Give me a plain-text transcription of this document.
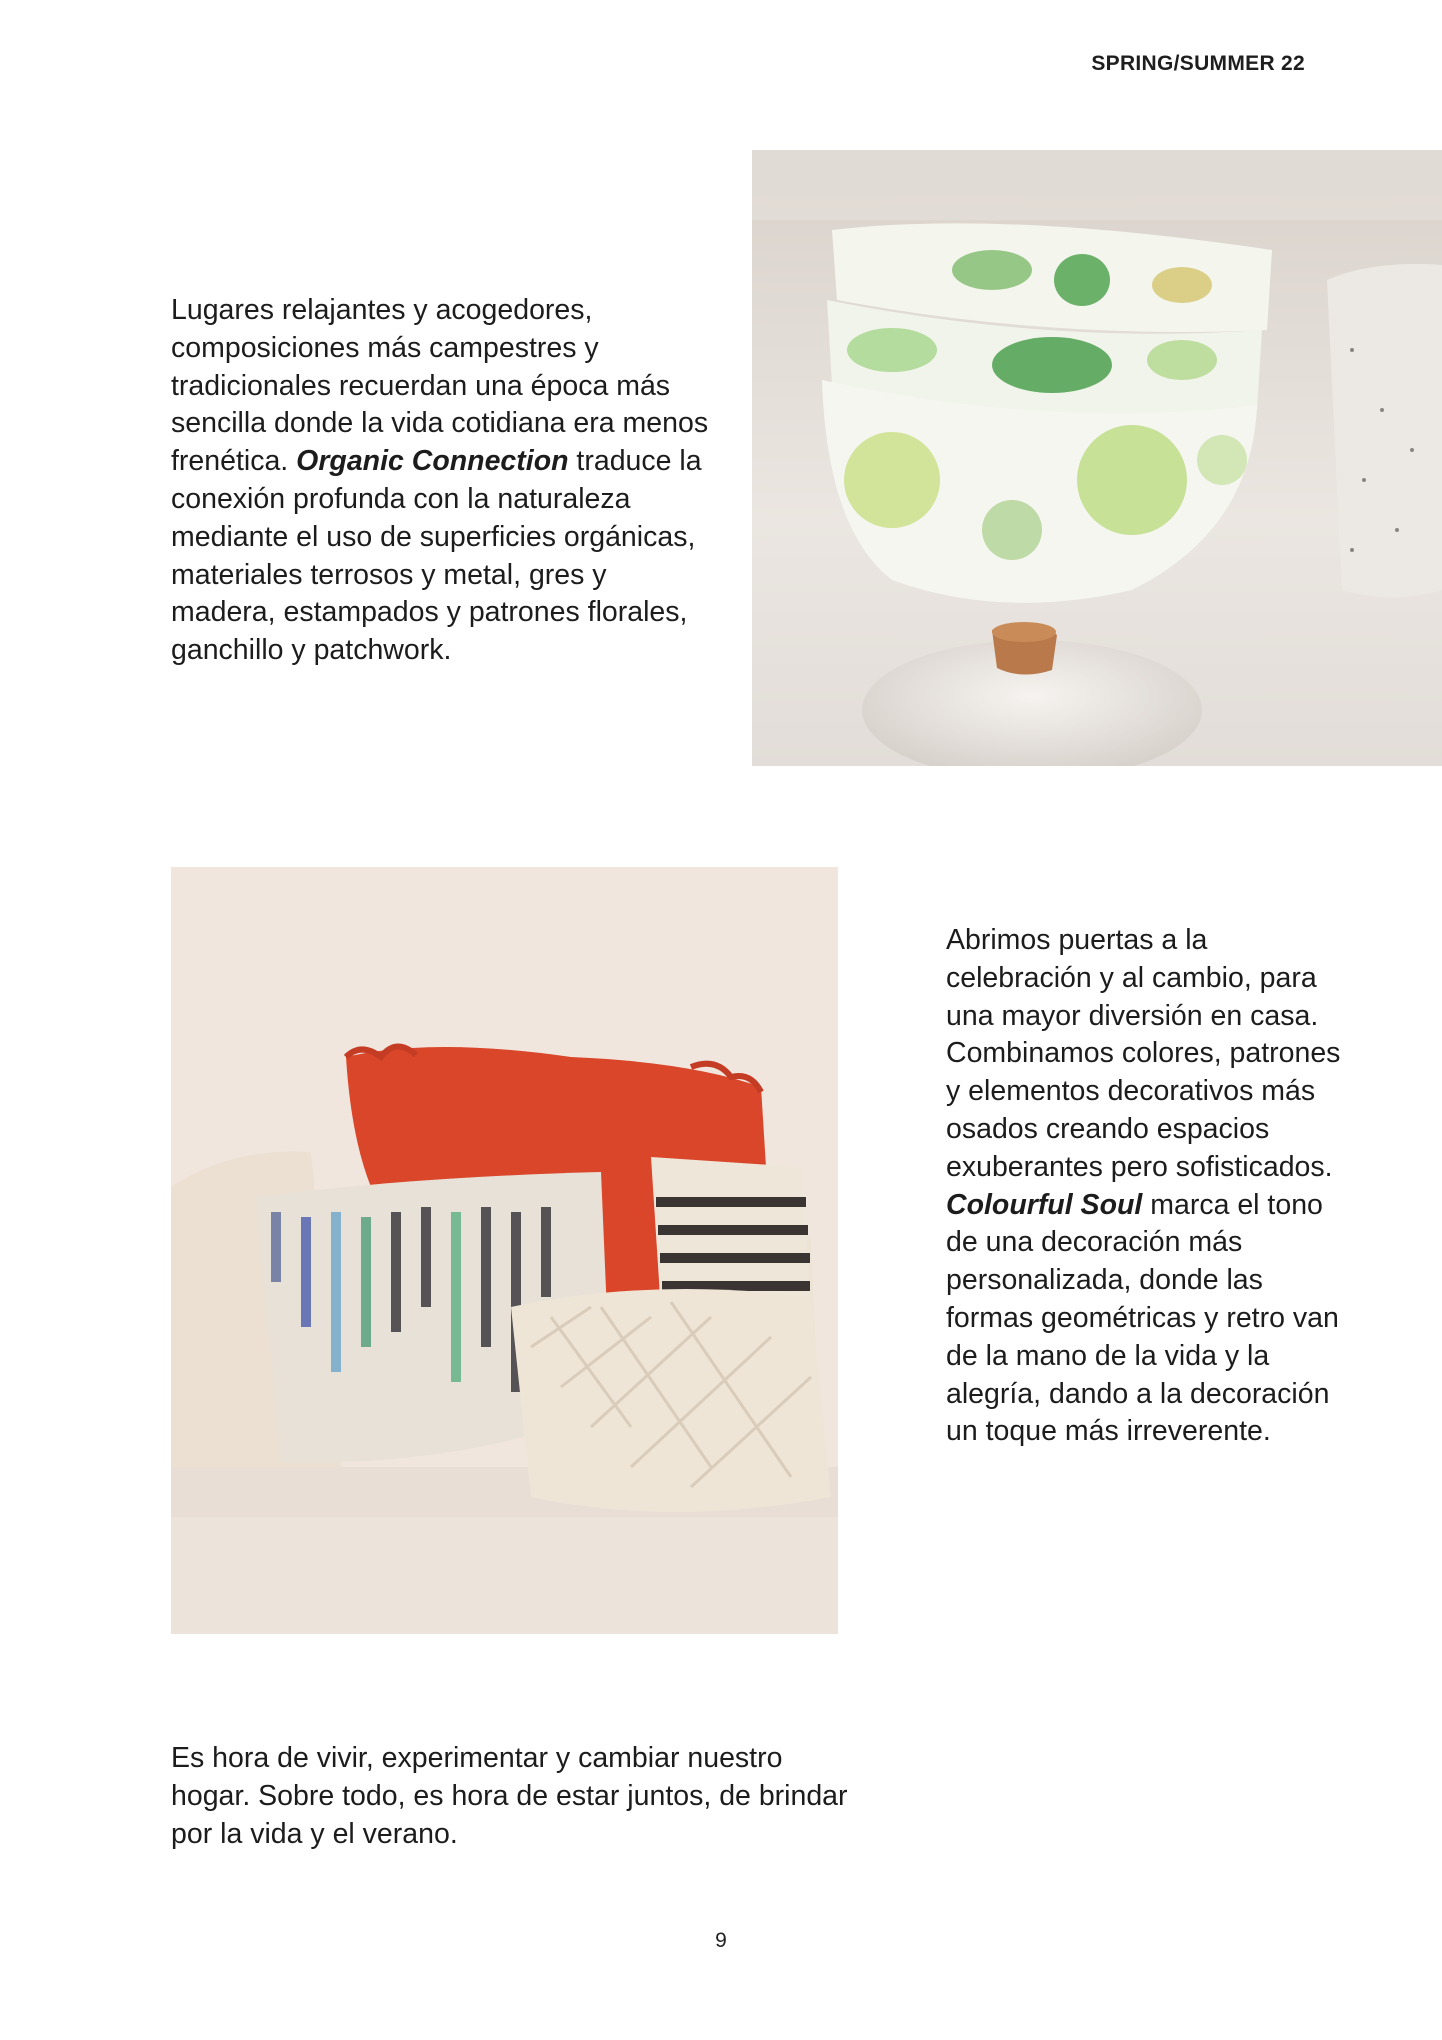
SPRING/SUMMER 22

Lugares relajantes y acogedores, composiciones más campestres y tradicionales recuerdan una época más sencilla donde la vida cotidiana era menos frenética. Organic Connection traduce la conexión profunda con la naturaleza mediante el uso de superficies orgánicas, materiales terrosos y metal, gres y madera, estampados y patrones florales, ganchillo y patchwork.

Abrimos puertas a la celebración y al cambio, para una mayor diversión en casa. Combinamos colores, patrones y elementos decorativos más osados creando espacios exuberantes pero sofisticados. Colourful Soul marca el tono de una decoración más personalizada, donde las formas geométricas y retro van de la mano de la vida y la alegría, dando a la decoración un toque más irreverente.

Es hora de vivir, experimentar y cambiar nuestro hogar. Sobre todo, es hora de estar juntos, de brindar por la vida y el verano.

9
